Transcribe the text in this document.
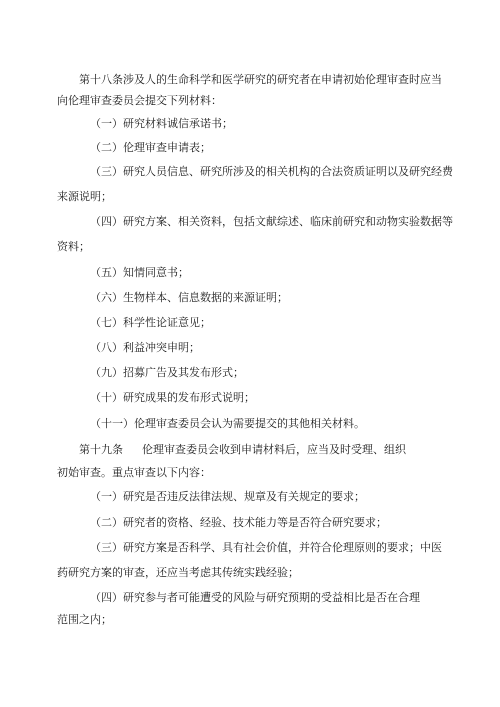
第十八条涉及人的生命科学和医学研究的研究者在申请初始伦理审查时应当
向伦理审查委员会提交下列材料：
（一）研究材料诚信承诺书；
（二）伦理审查申请表；
（三）研究人员信息、研究所涉及的相关机构的合法资质证明以及研究经费
来源说明；
（四）研究方案、相关资料，包括文献综述、临床前研究和动物实验数据等
资料；
（五）知情同意书；
（六）生物样本、信息数据的来源证明；
（七）科学性论证意见；
（八）利益冲突申明；
（九）招募广告及其发布形式；
（十）研究成果的发布形式说明；
（十一）伦理审查委员会认为需要提交的其他相关材料。
第十九条 伦理审查委员会收到申请材料后，应当及时受理、组织
初始审查。重点审查以下内容：
（一）研究是否违反法律法规、规章及有关规定的要求；
（二）研究者的资格、经验、技术能力等是否符合研究要求；
（三）研究方案是否科学、具有社会价值，并符合伦理原则的要求；中医
药研究方案的审查，还应当考虑其传统实践经验；
（四）研究参与者可能遭受的风险与研究预期的受益相比是否在合理
范围之内；
